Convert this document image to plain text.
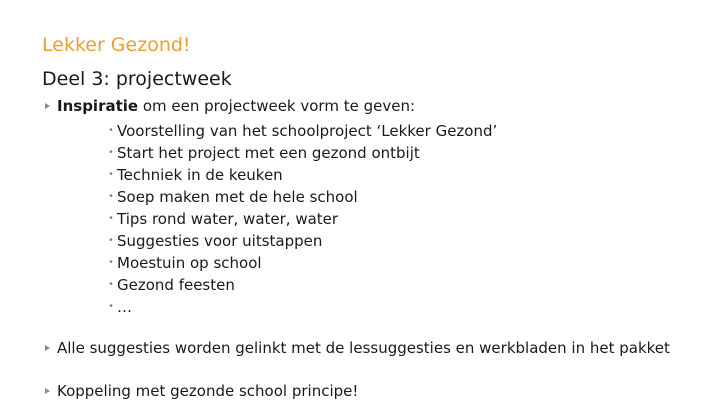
Lekker Gezond!
Deel 3: projectweek
Inspiratie om een projectweek vorm te geven:
• Voorstelling van het schoolproject ‘Lekker Gezond’
• Start het project met een gezond ontbijt
• Techniek in de keuken
• Soep maken met de hele school
• Tips rond water, water, water
• Suggesties voor uitstappen
• Moestuin op school
• Gezond feesten
• …
Alle suggesties worden gelinkt met de lessuggesties en werkbladen in het pakket
Koppeling met gezonde school principe!
